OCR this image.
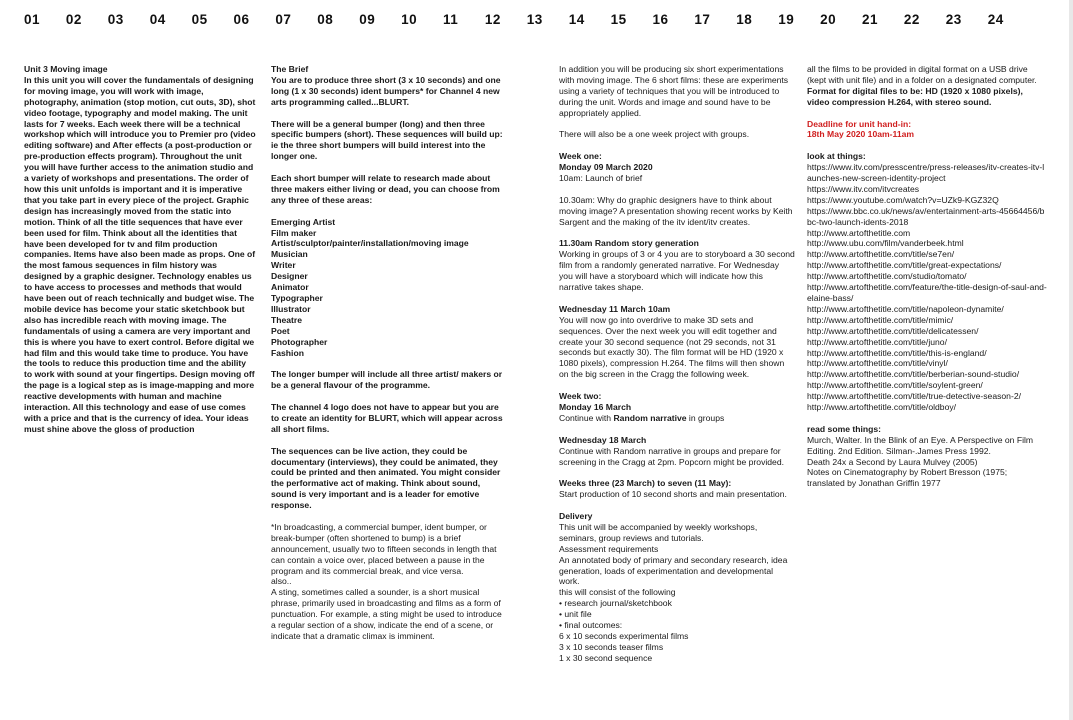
01 02 03 04 05 06 07 08 09 10 11 12 13 14 15 16 17 18 19 20 21 22 23 24

Unit 3 Moving image

In this unit you will cover the fundamentals of designing for moving image, you will work with image, photography, animation (stop motion, cut outs, 3D), shot video footage, typography and model making. The unit lasts for 7 weeks. Each week there will be a technical workshop which will introduce you to Premier pro (video editing software) and After effects (a post-production or pre-production effects program). Throughout the unit you will have further access to the animation studio and a variety of workshops and presentations. The order of how this unit unfolds is important and it is imperative that you take part in every piece of the project. Graphic design has increasingly moved from the static into motion. Think of all the title sequences that have ever been used for film. Think about all the identities that have been developed for tv and film production companies. Items have also been made as props. One of the most famous sequences in film history was designed by a graphic designer. Technology enables us to have access to processes and methods that would have been out of reach technically and budget wise. The mobile device has become your static sketchbook but also has incredible reach with moving image. The fundamentals of using a camera are very important and this is where you have to exert control. Before digital we had film and this would take time to produce. You have the tools to reduce this production time and the ability to work with sound at your fingertips. Design moving off the page is a logical step as is image-mapping and more reactive developments with human and machine interaction. All this technology and ease of use comes with a price and that is the currency of idea. Your ideas must shine above the gloss of production

The Brief

You are to produce three short (3 x 10 seconds) and one long (1 x 30 seconds) ident bumpers* for Channel 4 new arts programming called...BLURT.

There will be a general bumper (long) and then three specific bumpers (short). These sequences will build up: ie the three short bumpers will build interest into the longer one.

Each short bumper will relate to research made about three makers either living or dead, you can choose from any three of these areas:

Emerging Artist
Film maker
Artist/sculptor/painter/installation/moving image
Musician
Writer
Designer
Animator
Typographer
Illustrator
Theatre
Poet
Photographer
Fashion

The longer bumper will include all three artist/ makers or be a general flavour of the programme.

The channel 4 logo does not have to appear but you are to create an identity for BLURT, which will appear across all short films.

The sequences can be live action, they could be documentary (interviews), they could be animated, they could be printed and then animated. You might consider the performative act of making. Think about sound, sound is very important and is a leader for emotive response.

*In broadcasting, a commercial bumper, ident bumper, or break-bumper (often shortened to bump) is a brief announcement, usually two to fifteen seconds in length that can contain a voice over, placed between a pause in the program and its commercial break, and vice versa.

also..

A sting, sometimes called a sounder, is a short musical phrase, primarily used in broadcasting and films as a form of punctuation. For example, a sting might be used to introduce a regular section of a show, indicate the end of a scene, or indicate that a dramatic climax is imminent.

In addition you will be producing six short experimentations with moving image. The 6 short films: these are experiments using a variety of techniques that you will be introduced to during the unit. Words and image and sound have to be appropriately applied.

There will also be a one week project with groups.

Week one:

Monday 09 March 2020

10am: Launch of brief

10.30am: Why do graphic designers have to think about moving image? A presentation showing recent works by Keith Sargent and the making of the itv ident/itv creates.

11.30am Random story generation

Working in groups of 3 or 4 you are to storyboard a 30 second film from a randomly generated narrative. For Wednesday you will have a storyboard which will indicate how this narrative takes shape.

Wednesday 11 March 10am

You will now go into overdrive to make 3D sets and sequences. Over the next week you will edit together and create your 30 second sequence (not 29 seconds, not 31 seconds but exactly 30). The film format will be HD (1920 x 1080 pixels), compression H.264. The films will then shown on the big screen in the Cragg the following week.

Week two:

Monday 16 March

Continue with Random narrative in groups

Wednesday 18 March

Continue with Random narrative in groups and prepare for screening in the Cragg at 2pm. Popcorn might be provided.

Weeks three (23 March) to seven (11 May):

Start production of 10 second shorts and main presentation.

Delivery

This unit will be accompanied by weekly workshops, seminars, group reviews and tutorials.
Assessment requirements
An annotated body of primary and secondary research, idea generation, loads of experimentation and developmental work.
this will consist of the following
• research journal/sketchbook
• unit file
• final outcomes:
6 x 10 seconds experimental films
3 x 10 seconds teaser films
1 x 30 second sequence

all the films to be provided in digital format on a USB drive (kept with unit file) and in a folder on a designated computer. Format for digital files to be: HD (1920 x 1080 pixels), video compression H.264, with stereo sound.

Deadline for unit hand-in:

18th May 2020 10am-11am

look at things:

https://www.itv.com/presscentre/press-releases/itv-creates-itv-launches-new-screen-identity-project
https://www.itv.com/itvcreates
https://www.youtube.com/watch?v=UZk9-KGZ32Q
https://www.bbc.co.uk/news/av/entertainment-arts-45664456/bbc-two-launch-idents-2018
http://www.artofthetitle.com
http://www.ubu.com/film/vanderbeek.html
http://www.artofthetitle.com/title/se7en/
http://www.artofthetitle.com/title/great-expectations/
http://www.artofthetitle.com/studio/tomato/
http://www.artofthetitle.com/feature/the-title-design-of-saul-and-elaine-bass/
http://www.artofthetitle.com/title/napoleon-dynamite/
http://www.artofthetitle.com/title/mimic/
http://www.artofthetitle.com/title/delicatessen/
http://www.artofthetitle.com/title/juno/
http://www.artofthetitle.com/title/this-is-england/
http://www.artofthetitle.com/title/vinyl/
http://www.artofthetitle.com/title/berberian-sound-studio/
http://www.artofthetitle.com/title/soylent-green/
http://www.artofthetitle.com/title/true-detective-season-2/
http://www.artofthetitle.com/title/oldboy/

read some things:

Murch, Walter. In the Blink of an Eye. A Perspective on Film Editing. 2nd Edition. Silman-.James Press 1992.
Death 24x a Second by Laura Mulvey (2005)
Notes on Cinematography by Robert Bresson (1975; translated by Jonathan Griffin 1977
